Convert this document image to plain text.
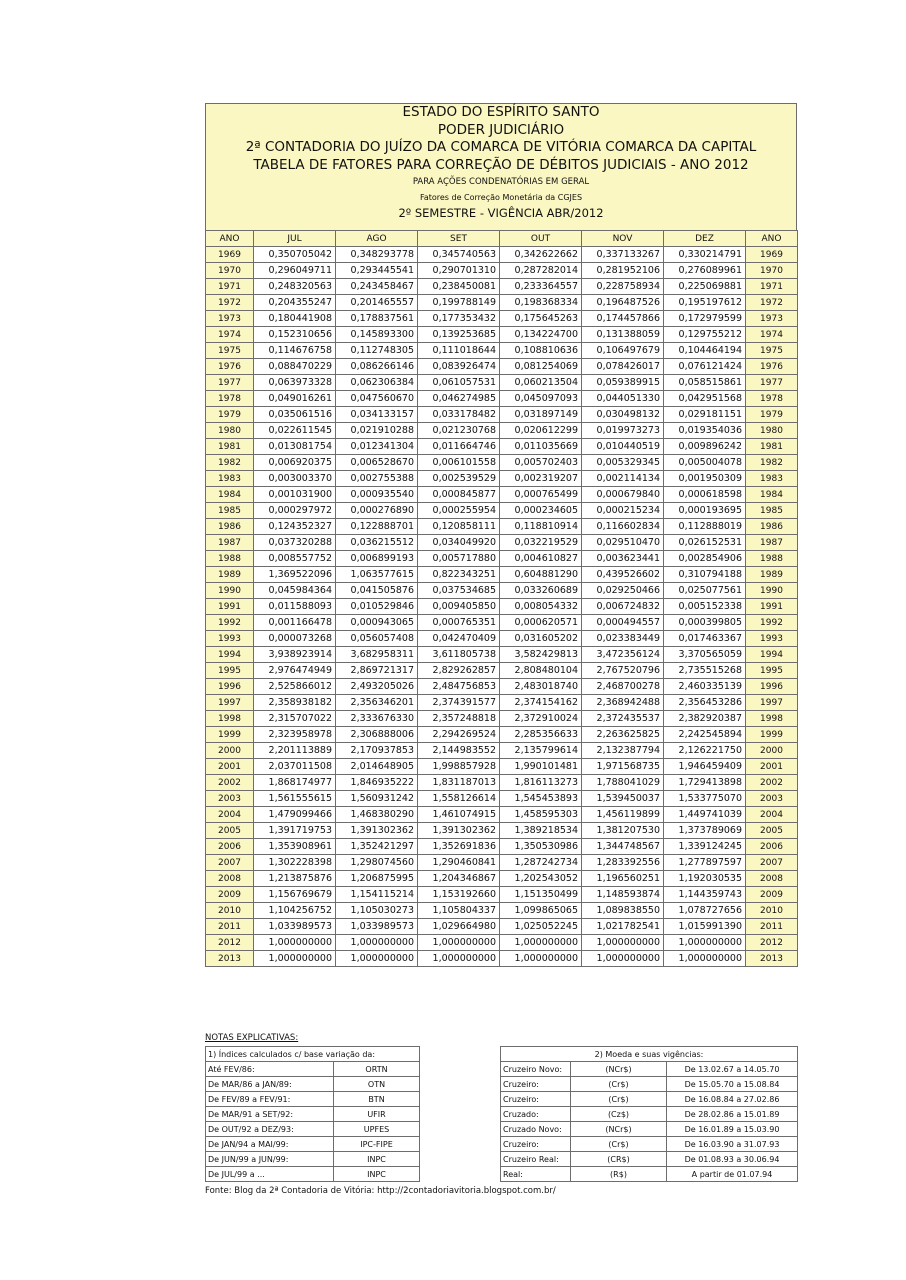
ESTADO DO ESPÍRITO SANTO
PODER JUDICIÁRIO
2ª CONTADORIA DO JUÍZO DA COMARCA DE VITÓRIA COMARCA DA CAPITAL
TABELA DE FATORES PARA CORREÇÃO DE DÉBITOS JUDICIAIS - ANO 2012
PARA AÇÕES CONDENATÓRIAS EM GERAL
Fatores de Correção Monetária da CGJES
2º SEMESTRE - VIGÊNCIA ABR/2012
ANO	JUL	AGO	SET	OUT	NOV	DEZ	ANO
1969	0,350705042	0,348293778	0,345740563	0,342622662	0,337133267	0,330214791	1969
1970	0,296049711	0,293445541	0,290701310	0,287282014	0,281952106	0,276089961	1970
1971	0,248320563	0,243458467	0,238450081	0,233364557	0,228758934	0,225069881	1971
1972	0,204355247	0,201465557	0,199788149	0,198368334	0,196487526	0,195197612	1972
1973	0,180441908	0,178837561	0,177353432	0,175645263	0,174457866	0,172979599	1973
1974	0,152310656	0,145893300	0,139253685	0,134224700	0,131388059	0,129755212	1974
1975	0,114676758	0,112748305	0,111018644	0,108810636	0,106497679	0,104464194	1975
1976	0,088470229	0,086266146	0,083926474	0,081254069	0,078426017	0,076121424	1976
1977	0,063973328	0,062306384	0,061057531	0,060213504	0,059389915	0,058515861	1977
1978	0,049016261	0,047560670	0,046274985	0,045097093	0,044051330	0,042951568	1978
1979	0,035061516	0,034133157	0,033178482	0,031897149	0,030498132	0,029181151	1979
1980	0,022611545	0,021910288	0,021230768	0,020612299	0,019973273	0,019354036	1980
1981	0,013081754	0,012341304	0,011664746	0,011035669	0,010440519	0,009896242	1981
1982	0,006920375	0,006528670	0,006101558	0,005702403	0,005329345	0,005004078	1982
1983	0,003003370	0,002755388	0,002539529	0,002319207	0,002114134	0,001950309	1983
1984	0,001031900	0,000935540	0,000845877	0,000765499	0,000679840	0,000618598	1984
1985	0,000297972	0,000276890	0,000255954	0,000234605	0,000215234	0,000193695	1985
1986	0,124352327	0,122888701	0,120858111	0,118810914	0,116602834	0,112888019	1986
1987	0,037320288	0,036215512	0,034049920	0,032219529	0,029510470	0,026152531	1987
1988	0,008557752	0,006899193	0,005717880	0,004610827	0,003623441	0,002854906	1988
1989	1,369522096	1,063577615	0,822343251	0,604881290	0,439526602	0,310794188	1989
1990	0,045984364	0,041505876	0,037534685	0,033260689	0,029250466	0,025077561	1990
1991	0,011588093	0,010529846	0,009405850	0,008054332	0,006724832	0,005152338	1991
1992	0,001166478	0,000943065	0,000765351	0,000620571	0,000494557	0,000399805	1992
1993	0,000073268	0,056057408	0,042470409	0,031605202	0,023383449	0,017463367	1993
1994	3,938923914	3,682958311	3,611805738	3,582429813	3,472356124	3,370565059	1994
1995	2,976474949	2,869721317	2,829262857	2,808480104	2,767520796	2,735515268	1995
1996	2,525866012	2,493205026	2,484756853	2,483018740	2,468700278	2,460335139	1996
1997	2,358938182	2,356346201	2,374391577	2,374154162	2,368942488	2,356453286	1997
1998	2,315707022	2,333676330	2,357248818	2,372910024	2,372435537	2,382920387	1998
1999	2,323958978	2,306888006	2,294269524	2,285356633	2,263625825	2,242545894	1999
2000	2,201113889	2,170937853	2,144983552	2,135799614	2,132387794	2,126221750	2000
2001	2,037011508	2,014648905	1,998857928	1,990101481	1,971568735	1,946459409	2001
2002	1,868174977	1,846935222	1,831187013	1,816113273	1,788041029	1,729413898	2002
2003	1,561555615	1,560931242	1,558126614	1,545453893	1,539450037	1,533775070	2003
2004	1,479099466	1,468380290	1,461074915	1,458595303	1,456119899	1,449741039	2004
2005	1,391719753	1,391302362	1,391302362	1,389218534	1,381207530	1,373789069	2005
2006	1,353908961	1,352421297	1,352691836	1,350530986	1,344748567	1,339124245	2006
2007	1,302228398	1,298074560	1,290460841	1,287242734	1,283392556	1,277897597	2007
2008	1,213875876	1,206875995	1,204346867	1,202543052	1,196560251	1,192030535	2008
2009	1,156769679	1,154115214	1,153192660	1,151350499	1,148593874	1,144359743	2009
2010	1,104256752	1,105030273	1,105804337	1,099865065	1,089838550	1,078727656	2010
2011	1,033989573	1,033989573	1,029664980	1,025052245	1,021782541	1,015991390	2011
2012	1,000000000	1,000000000	1,000000000	1,000000000	1,000000000	1,000000000	2012
2013	1,000000000	1,000000000	1,000000000	1,000000000	1,000000000	1,000000000	2013
NOTAS EXPLICATIVAS:
1) Índices calculados c/ base variação da:	
Até FEV/86:	ORTN
De MAR/86 a JAN/89:	OTN
De FEV/89 a FEV/91:	BTN
De MAR/91 a SET/92:	UFIR
De OUT/92 a DEZ/93:	UPFES
De JAN/94 a MAI/99:	IPC-FIPE
De JUN/99 a JUN/99:	INPC
De JUL/99 a ...	INPC
2) Moeda e suas vigências:		
Cruzeiro Novo:	(NCr$)	De 13.02.67 a 14.05.70
Cruzeiro:	(Cr$)	De 15.05.70 a 15.08.84
Cruzeiro:	(Cr$)	De 16.08.84 a 27.02.86
Cruzado:	(Cz$)	De 28.02.86 a 15.01.89
Cruzado Novo:	(NCr$)	De 16.01.89 a 15.03.90
Cruzeiro:	(Cr$)	De 16.03.90 a 31.07.93
Cruzeiro Real:	(CR$)	De 01.08.93 a 30.06.94
Real:	(R$)	A partir de 01.07.94
Fonte: Blog da 2ª Contadoria de Vitória: http://2contadoriavitoria.blogspot.com.br/
